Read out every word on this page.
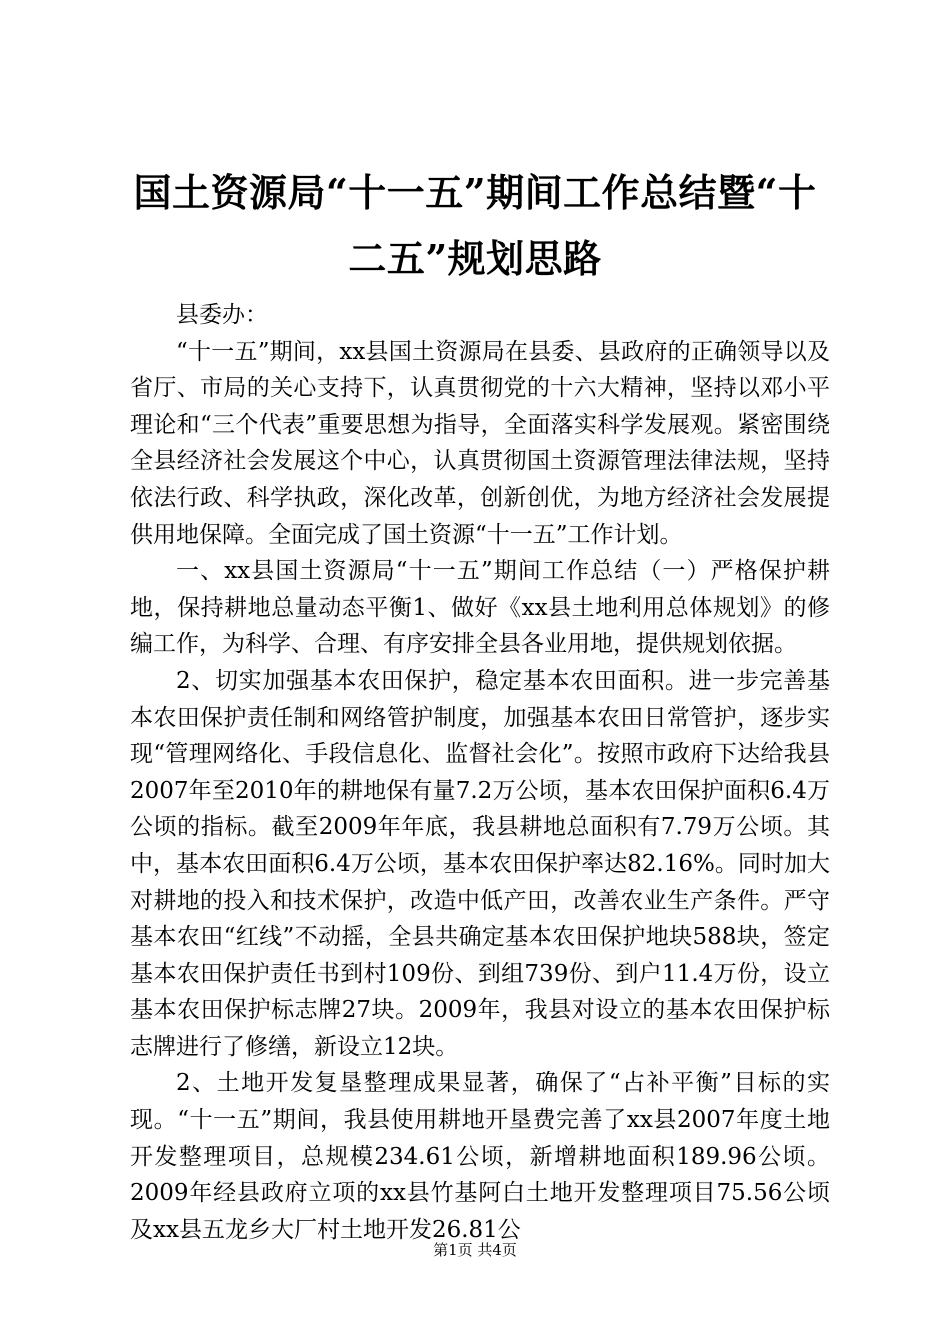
国土资源局“十一五”期间工作总结暨“十二五”规划思路

县委办：

“十一五”期间，xx县国土资源局在县委、县政府的正确领导以及省厅、市局的关心支持下，认真贯彻党的十六大精神，坚持以邓小平理论和“三个代表”重要思想为指导，全面落实科学发展观。紧密围绕全县经济社会发展这个中心，认真贯彻国土资源管理法律法规，坚持依法行政、科学执政，深化改革，创新创优，为地方经济社会发展提供用地保障。全面完成了国土资源“十一五”工作计划。

一、xx县国土资源局“十一五”期间工作总结（一）严格保护耕地，保持耕地总量动态平衡1、做好《xx县土地利用总体规划》的修编工作，为科学、合理、有序安排全县各业用地，提供规划依据。

2、切实加强基本农田保护，稳定基本农田面积。进一步完善基本农田保护责任制和网络管护制度，加强基本农田日常管护，逐步实现“管理网络化、手段信息化、监督社会化”。按照市政府下达给我县2007年至2010年的耕地保有量7.2万公顷，基本农田保护面积6.4万公顷的指标。截至2009年年底，我县耕地总面积有7.79万公顷。其中，基本农田面积6.4万公顷，基本农田保护率达82.16%。同时加大对耕地的投入和技术保护，改造中低产田，改善农业生产条件。严守基本农田“红线”不动摇，全县共确定基本农田保护地块588块，签定基本农田保护责任书到村109份、到组739份、到户11.4万份，设立基本农田保护标志牌27块。2009年，我县对设立的基本农田保护标志牌进行了修缮，新设立12块。

2、土地开发复垦整理成果显著，确保了“占补平衡”目标的实现。“十一五”期间，我县使用耕地开垦费完善了xx县2007年度土地开发整理项目，总规模234.61公顷，新增耕地面积189.96公顷。2009年经县政府立项的xx县竹基阿白土地开发整理项目75.56公顷及xx县五龙乡大厂村土地开发26.81公

第1页 共4页
